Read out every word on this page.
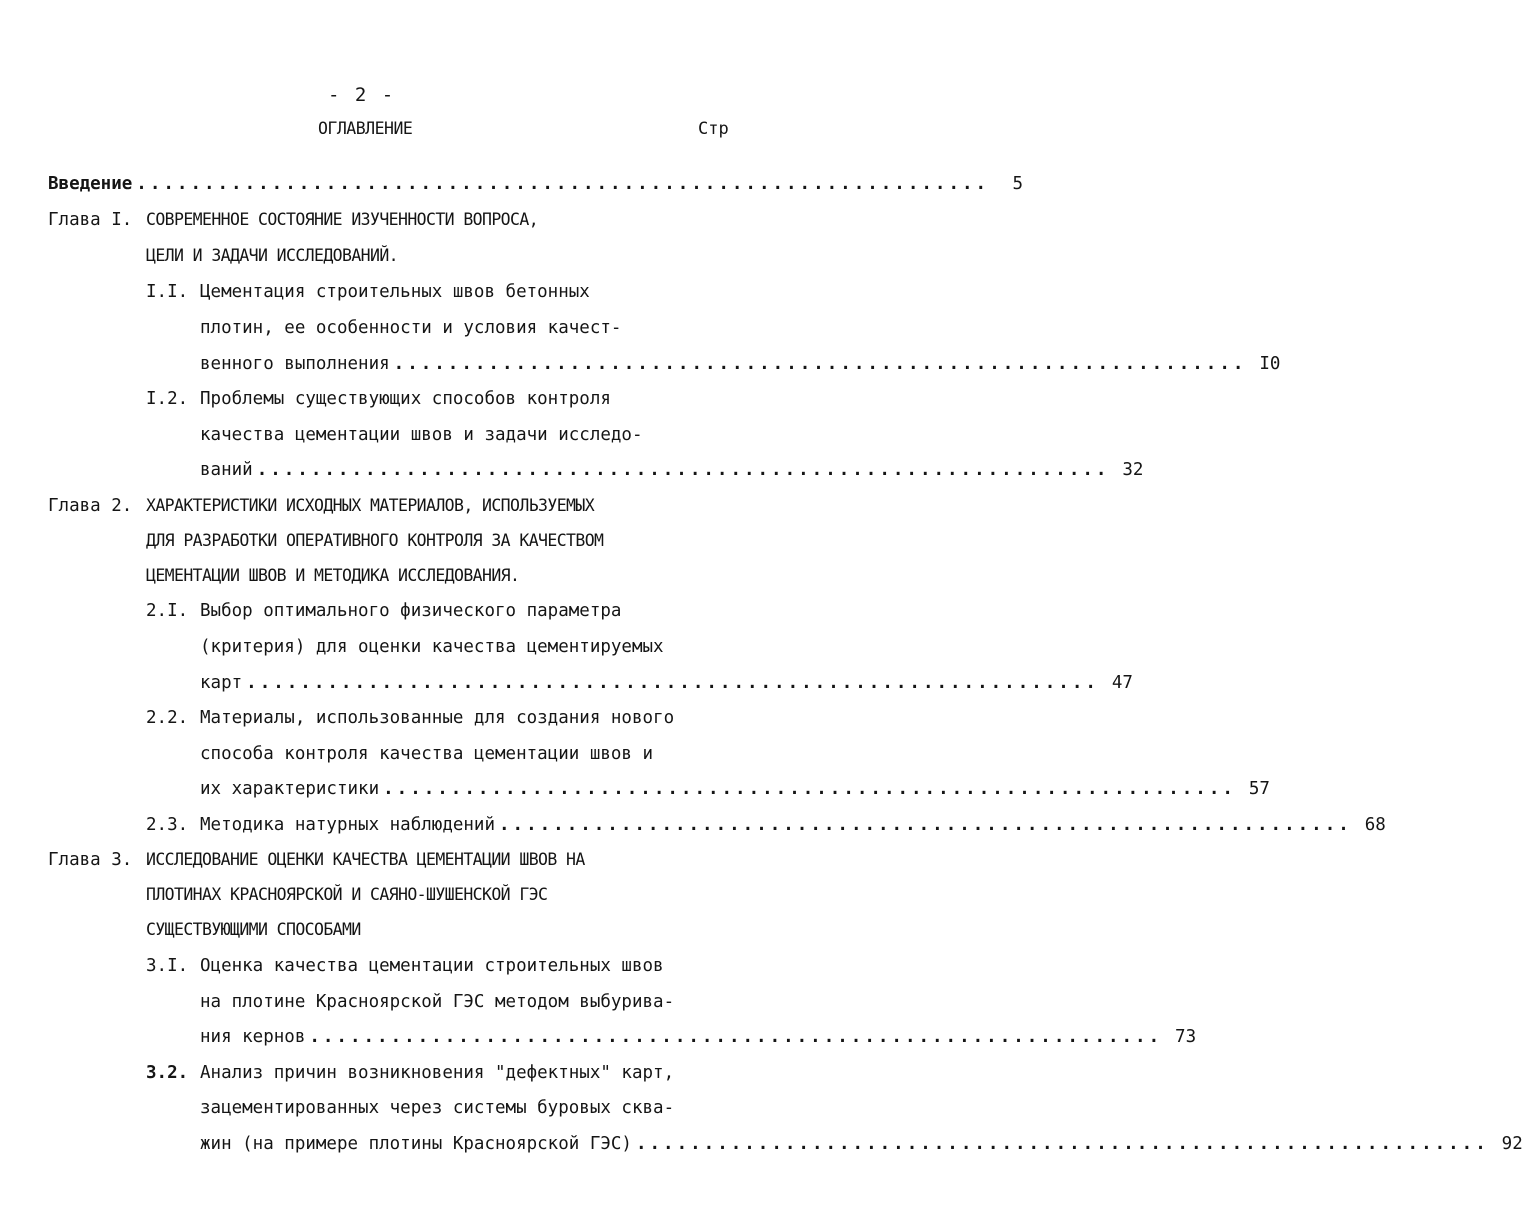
- 2 -
ОГЛАВЛЕНИЕ	Стр
Введение ...............................................................	5
Глава I. СОВРЕМЕННОЕ СОСТОЯНИЕ ИЗУЧЕННОСТИ ВОПРОСА,
ЦЕЛИ И ЗАДАЧИ ИССЛЕДОВАНИЙ.
I.I. Цементация строительных швов бетонных
плотин, ее особенности и условия качест-
венного выполнения ............................................................... I0
I.2. Проблемы существующих способов контроля
качества цементации швов и задачи исследо-
ваний ............................................................... 32
Глава 2. ХАРАКТЕРИСТИКИ ИСХОДНЫХ МАТЕРИАЛОВ, ИСПОЛЬЗУЕМЫХ
ДЛЯ РАЗРАБОТКИ ОПЕРАТИВНОГО КОНТРОЛЯ ЗА КАЧЕСТВОМ
ЦЕМЕНТАЦИИ ШВОВ И МЕТОДИКА ИССЛЕДОВАНИЯ.
2.I. Выбор оптимального физического параметра
(критерия) для оценки качества цементируемых
карт ............................................................... 47
2.2. Материалы, использованные для создания нового
способа контроля качества цементации швов и
их характеристики ............................................................... 57
2.3. Методика натурных наблюдений ............................................................... 68
Глава 3. ИССЛЕДОВАНИЕ ОЦЕНКИ КАЧЕСТВА ЦЕМЕНТАЦИИ ШВОВ НА
ПЛОТИНАХ КРАСНОЯРСКОЙ И САЯНО-ШУШЕНСКОЙ ГЭС
СУЩЕСТВУЮЩИМИ СПОСОБАМИ
3.I. Оценка качества цементации строительных швов
на плотине Красноярской ГЭС методом выбурива-
ния кернов ............................................................... 73
3.2. Анализ причин возникновения "дефектных" карт,
зацементированных через системы буровых сква-
жин (на примере плотины Красноярской ГЭС) ............................................................... 92
